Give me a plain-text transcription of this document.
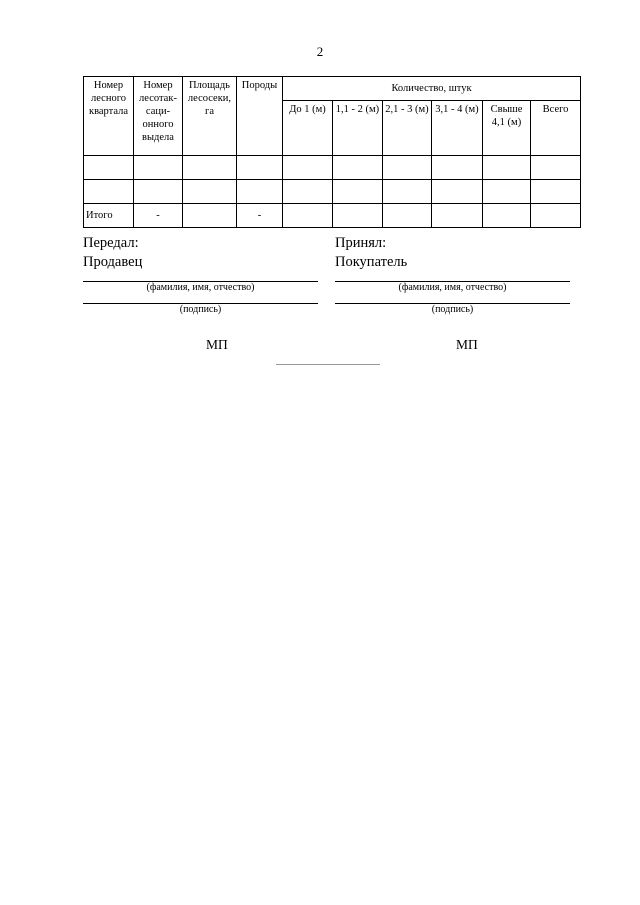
2
Номер лесного квартала	Номер лесотак-саци-онного выдела	Площадь лесосеки, га	Породы	Количество, штук					
				До 1 (м)	1,1 - 2 (м)	2,1 - 3 (м)	3,1 - 4 (м)	Свыше 4,1 (м)	Всего

Итого	-		-						
Передал:
Продавец
(фамилия, имя, отчество)
(подпись)
Принял:
Покупатель
(фамилия, имя, отчество)
(подпись)
МП	МП
